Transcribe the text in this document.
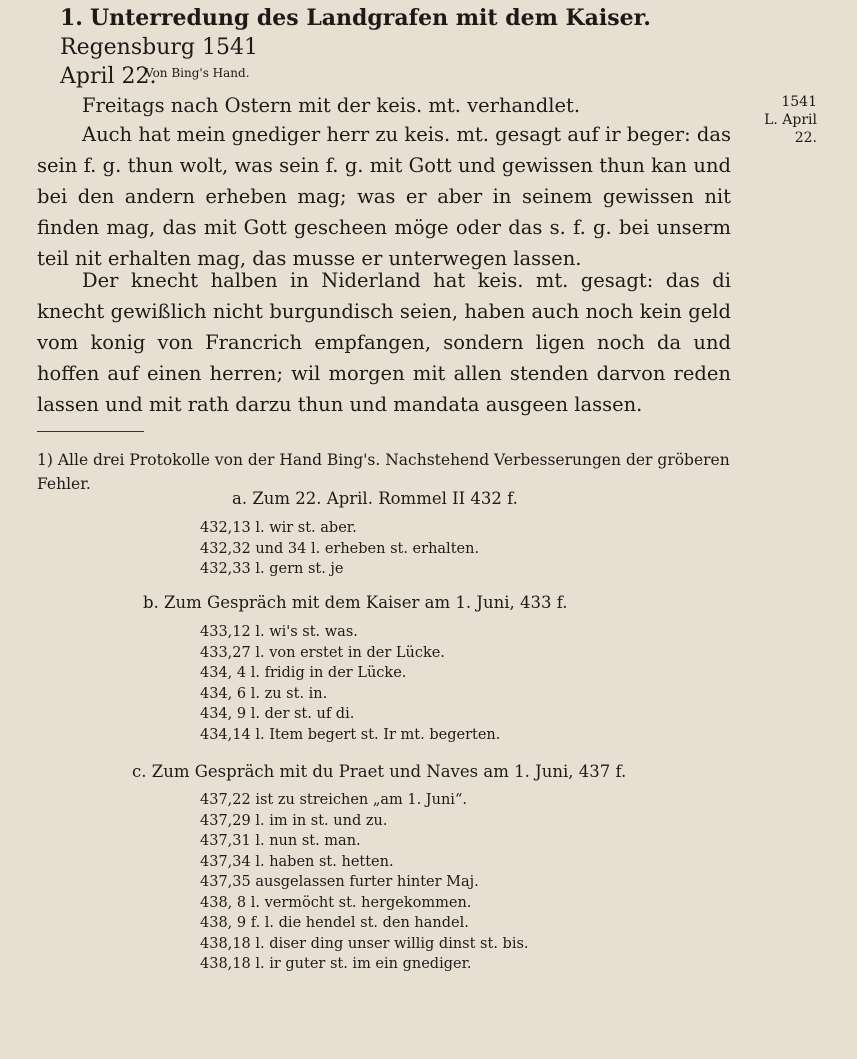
1. Unterredung des Landgrafen mit dem Kaiser. Regensburg 1541
April 22.
Von Bing's Hand.
1541
L. April 22.
Freitags nach Ostern mit der keis. mt. verhandlet.
Auch hat mein gnediger herr zu keis. mt. gesagt auf ir beger: das sein f. g. thun wolt, was sein f. g. mit Gott und gewissen thun kan und bei den andern erheben mag; was er aber in seinem gewissen nit finden mag, das mit Gott gescheen möge oder das s. f. g. bei unserm teil nit erhalten mag, das musse er unterwegen lassen.
Der knecht halben in Niderland hat keis. mt. gesagt: das di knecht gewißlich nicht burgundisch seien, haben auch noch kein geld vom konig von Francrich empfangen, sondern ligen noch da und hoffen auf einen herren; wil morgen mit allen stenden darvon reden lassen und mit rath darzu thun und mandata ausgeen lassen.
1) Alle drei Protokolle von der Hand Bing's. Nachstehend Verbesserungen der gröberen Fehler.
a. Zum 22. April. Rommel II 432 f.
432,13 l. wir st. aber.
432,32 und 34 l. erheben st. erhalten.
432,33 l. gern st. je
b. Zum Gespräch mit dem Kaiser am 1. Juni, 433 f.
433,12 l. wi's st. was.
433,27 l. von erstet in der Lücke.
434, 4 l. fridig in der Lücke.
434, 6 l. zu st. in.
434, 9 l. der st. uf di.
434,14 l. Item begert st. Ir mt. begerten.
c. Zum Gespräch mit du Praet und Naves am 1. Juni, 437 f.
437,22 ist zu streichen „am 1. Juni“.
437,29 l. im in st. und zu.
437,31 l. nun st. man.
437,34 l. haben st. hetten.
437,35 ausgelassen furter hinter Maj.
438, 8 l. vermöcht st. hergekommen.
438, 9 f. l. die hendel st. den handel.
438,18 l. diser ding unser willig dinst st. bis.
438,18 l. ir guter st. im ein gnediger.
